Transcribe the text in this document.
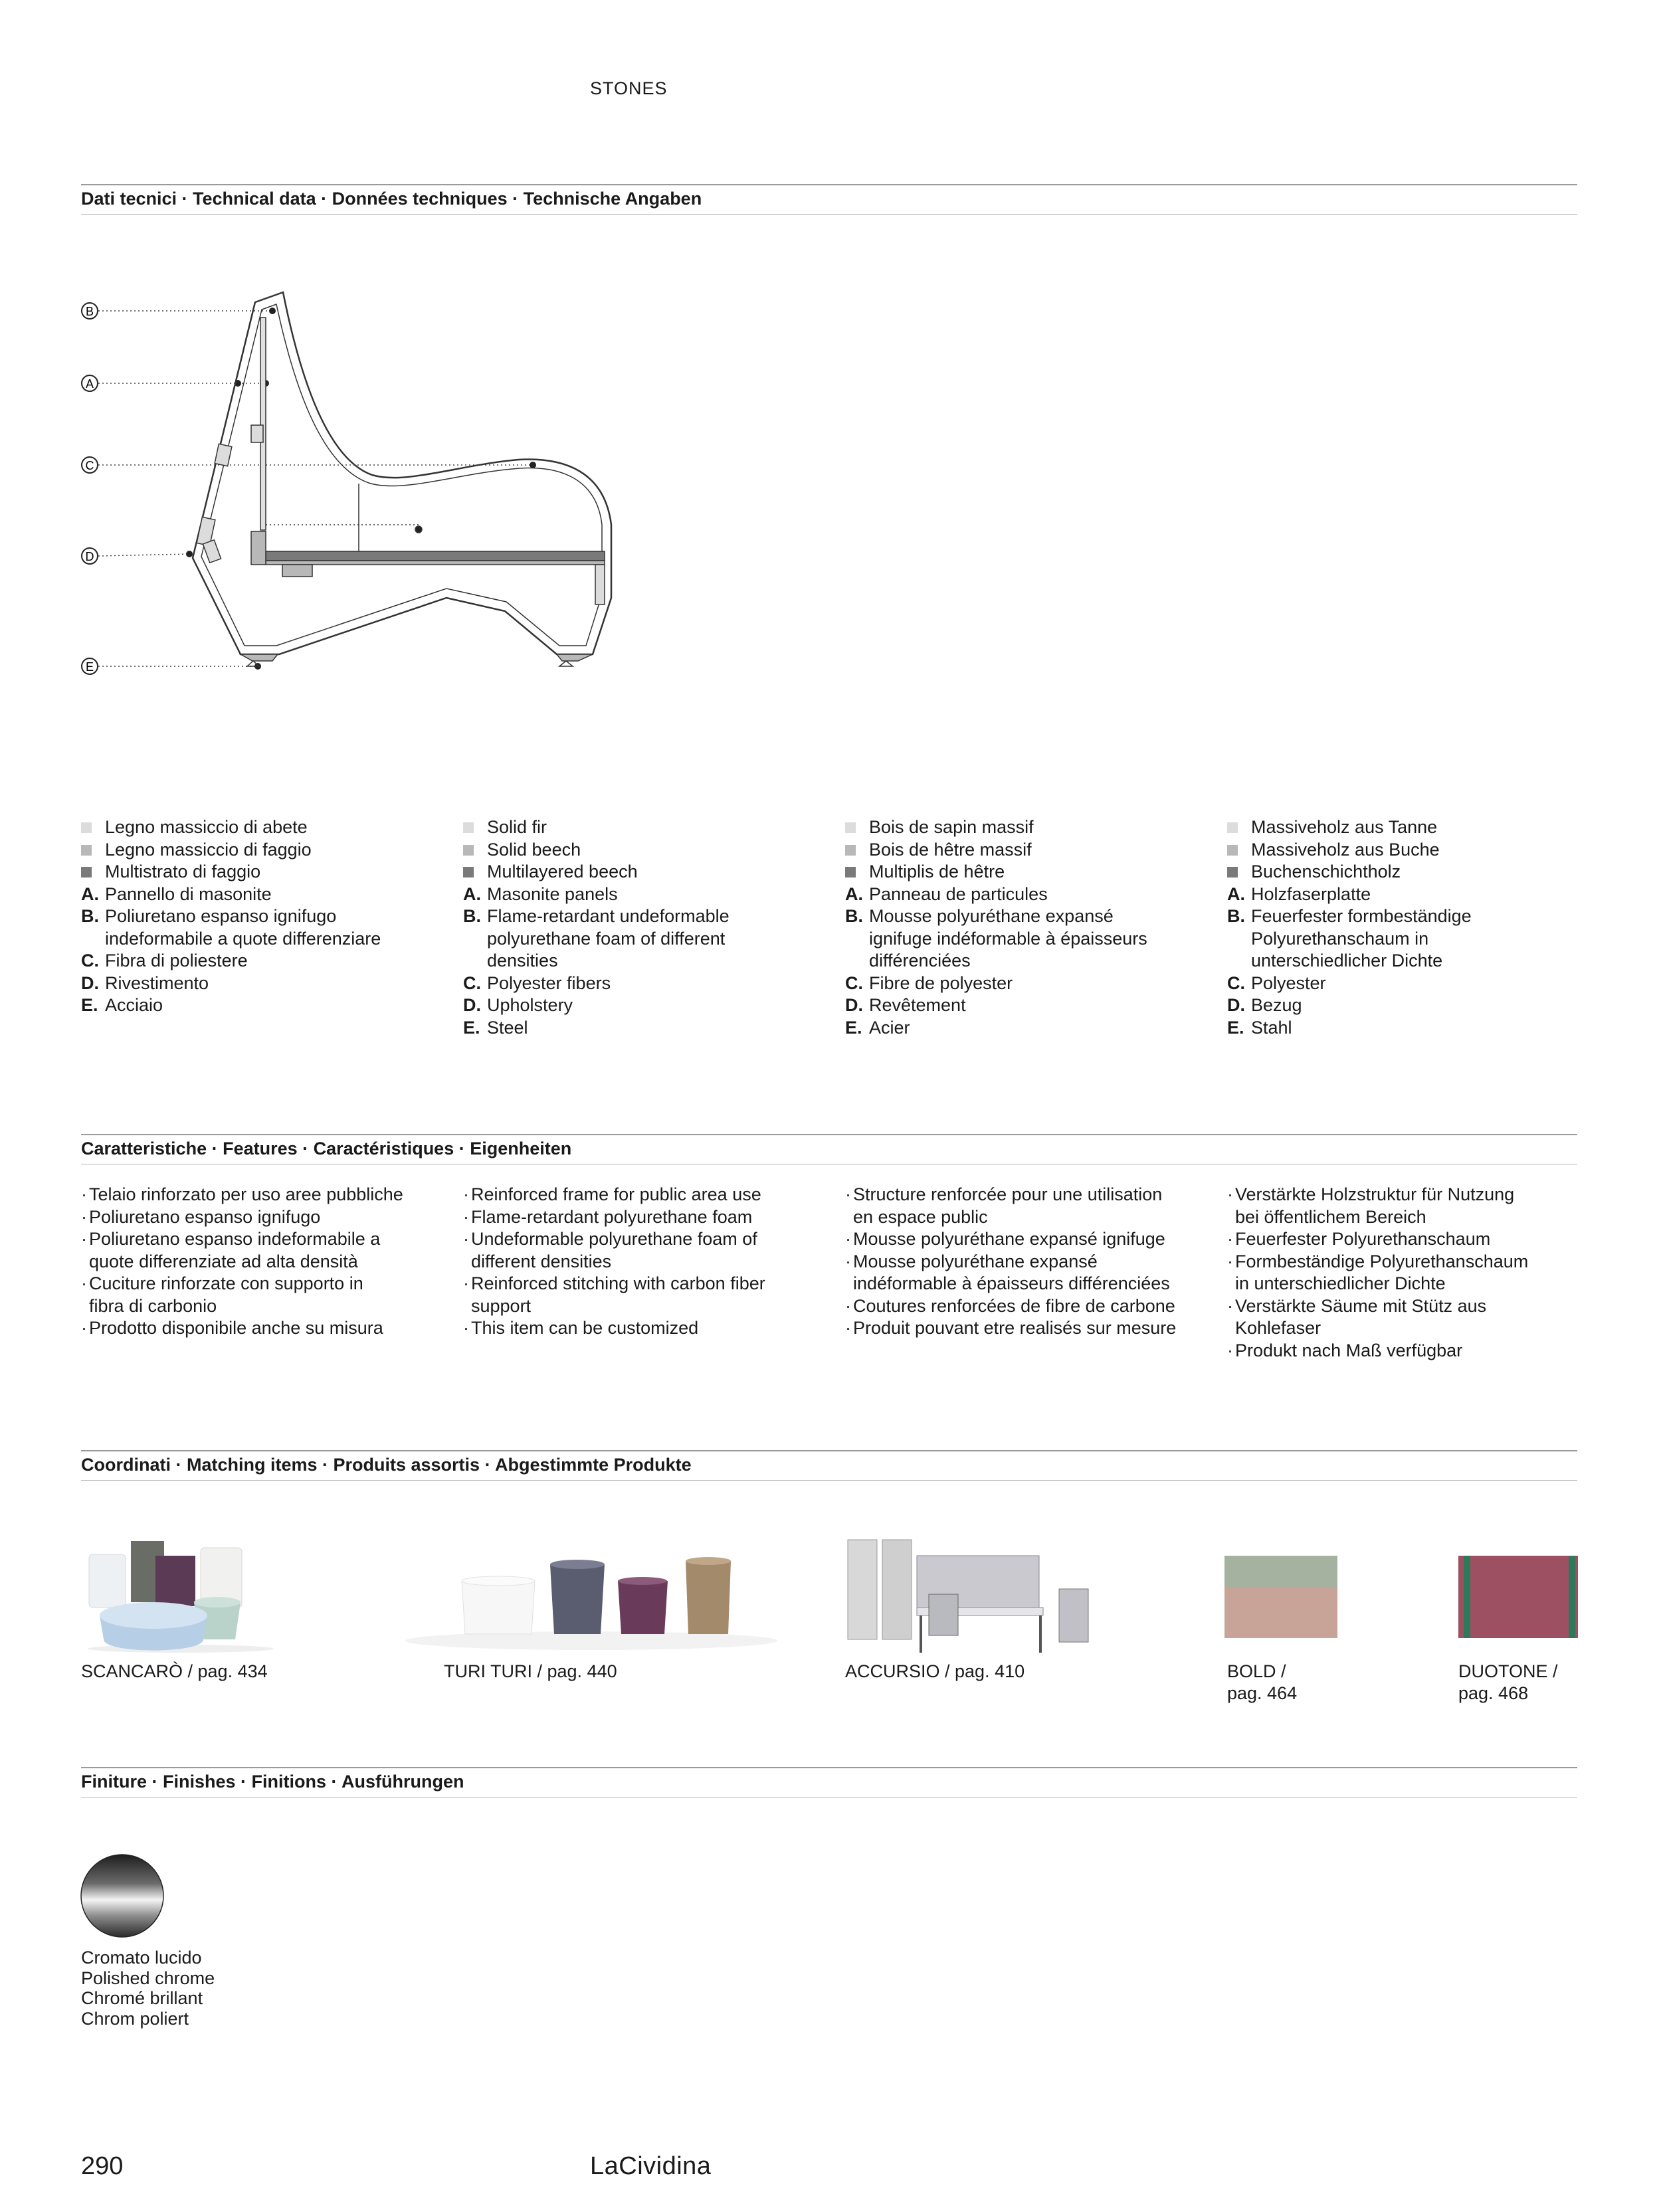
STONES
Dati tecnici · Technical data · Données techniques · Technische Angaben
B
A
C
D
E
Legno massiccio di abete
Legno massiccio di faggio
Multistrato di faggio
A. Pannello di masonite
B. Poliuretano espanso ignifugo
indeformabile a quote differenziare
C. Fibra di poliestere
D. Rivestimento
E. Acciaio
Solid fir
Solid beech
Multilayered beech
A. Masonite panels
B. Flame-retardant undeformable
polyurethane foam of different
densities
C. Polyester fibers
D. Upholstery
E. Steel
Bois de sapin massif
Bois de hêtre massif
Multiplis de hêtre
A. Panneau de particules
B. Mousse polyuréthane expansé
ignifuge indéformable à épaisseurs
différenciées
C. Fibre de polyester
D. Revêtement
E. Acier
Massiveholz aus Tanne
Massiveholz aus Buche
Buchenschichtholz
A. Holzfaserplatte
B. Feuerfester formbeständige
Polyurethanschaum in
unterschiedlicher Dichte
C. Polyester
D. Bezug
E. Stahl
Caratteristiche · Features · Caractéristiques · Eigenheiten
· Telaio rinforzato per uso aree pubbliche
· Poliuretano espanso ignifugo
· Poliuretano espanso indeformabile a
quote differenziate ad alta densità
· Cuciture rinforzate con supporto in
fibra di carbonio
· Prodotto disponibile anche su misura
· Reinforced frame for public area use
· Flame-retardant polyurethane foam
· Undeformable polyurethane foam of
different densities
· Reinforced stitching with carbon fiber
support
· This item can be customized
· Structure renforcée pour une utilisation
en espace public
· Mousse polyuréthane expansé ignifuge
· Mousse polyuréthane expansé
indéformable à épaisseurs différenciées
· Coutures renforcées de fibre de carbone
· Produit pouvant etre realisés sur mesure
· Verstärkte Holzstruktur für Nutzung
bei öffentlichem Bereich
· Feuerfester Polyurethanschaum
· Formbeständige Polyurethanschaum
in unterschiedlicher Dichte
· Verstärkte Säume mit Stütz aus
Kohlefaser
· Produkt nach Maß verfügbar
Coordinati · Matching items · Produits assortis · Abgestimmte Produkte
SCANCARÒ / pag. 434	TURI TURI / pag. 440	ACCURSIO / pag. 410	BOLD /
pag. 464
DUOTONE /
pag. 468
Finiture · Finishes · Finitions · Ausführungen
Cromato lucido
Polished chrome
Chromé brillant
Chrom poliert
290	LaCividina
